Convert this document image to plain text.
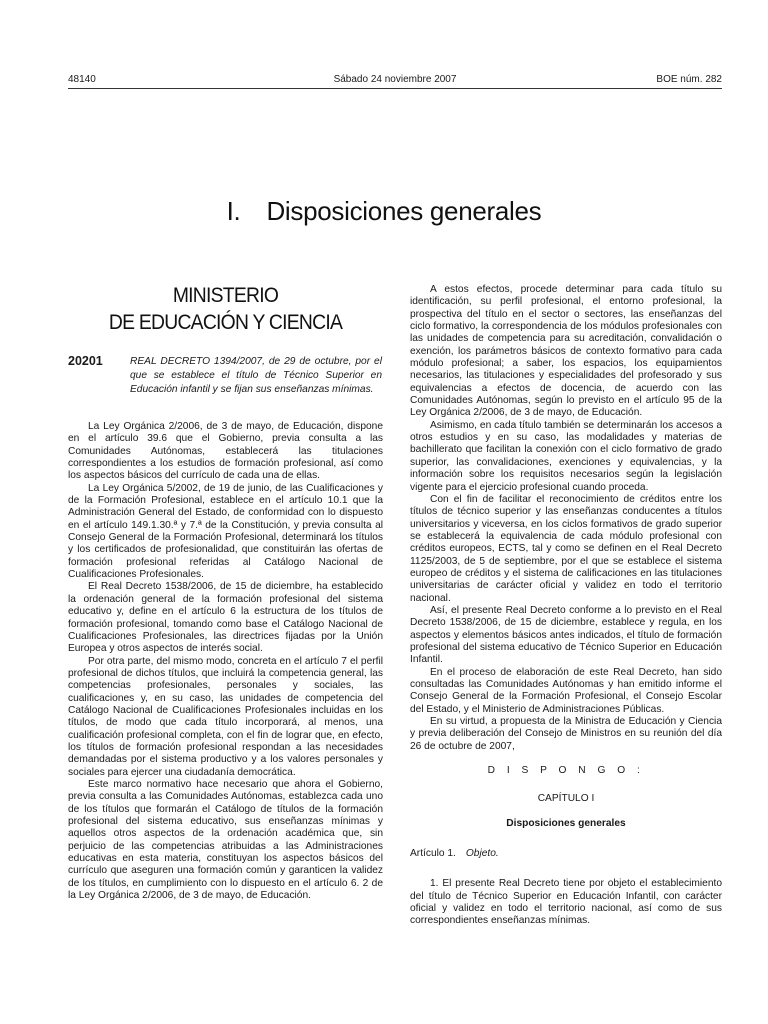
48140	Sábado 24 noviembre 2007	BOE núm. 282
I. Disposiciones generales
MINISTERIO
DE EDUCACIÓN Y CIENCIA
20201	REAL DECRETO 1394/2007, de 29 de octubre, por el que se establece el título de Técnico Superior en Educación infantil y se fijan sus enseñanzas mínimas.

La Ley Orgánica 2/2006, de 3 de mayo, de Educación, dispone en el artículo 39.6 que el Gobierno, previa consulta a las Comunidades Autónomas, establecerá las titulaciones correspondientes a los estudios de formación profesional, así como los aspectos básicos del currículo de cada una de ellas.

La Ley Orgánica 5/2002, de 19 de junio, de las Cualificaciones y de la Formación Profesional, establece en el artículo 10.1 que la Administración General del Estado, de conformidad con lo dispuesto en el artículo 149.1.30.ª y 7.ª de la Constitución, y previa consulta al Consejo General de la Formación Profesional, determinará los títulos y los certificados de profesionalidad, que constituirán las ofertas de formación profesional referidas al Catálogo Nacional de Cualificaciones Profesionales.

El Real Decreto 1538/2006, de 15 de diciembre, ha establecido la ordenación general de la formación profesional del sistema educativo y, define en el artículo 6 la estructura de los títulos de formación profesional, tomando como base el Catálogo Nacional de Cualificaciones Profesionales, las directrices fijadas por la Unión Europea y otros aspectos de interés social.

Por otra parte, del mismo modo, concreta en el artículo 7 el perfil profesional de dichos títulos, que incluirá la competencia general, las competencias profesionales, personales y sociales, las cualificaciones y, en su caso, las unidades de competencia del Catálogo Nacional de Cualificaciones Profesionales incluidas en los títulos, de modo que cada título incorporará, al menos, una cualificación profesional completa, con el fin de lograr que, en efecto, los títulos de formación profesional respondan a las necesidades demandadas por el sistema productivo y a los valores personales y sociales para ejercer una ciudadanía democrática.

Este marco normativo hace necesario que ahora el Gobierno, previa consulta a las Comunidades Autónomas, establezca cada uno de los títulos que formarán el Catálogo de títulos de la formación profesional del sistema educativo, sus enseñanzas mínimas y aquellos otros aspectos de la ordenación académica que, sin perjuicio de las competencias atribuidas a las Administraciones educativas en esta materia, constituyan los aspectos básicos del currículo que aseguren una formación común y garanticen la validez de los títulos, en cumplimiento con lo dispuesto en el artículo 6. 2 de la Ley Orgánica 2/2006, de 3 de mayo, de Educación.

A estos efectos, procede determinar para cada título su identificación, su perfil profesional, el entorno profesional, la prospectiva del título en el sector o sectores, las enseñanzas del ciclo formativo, la correspondencia de los módulos profesionales con las unidades de competencia para su acreditación, convalidación o exención, los parámetros básicos de contexto formativo para cada módulo profesional; a saber, los espacios, los equipamientos necesarios, las titulaciones y especialidades del profesorado y sus equivalencias a efectos de docencia, de acuerdo con las Comunidades Autónomas, según lo previsto en el artículo 95 de la Ley Orgánica 2/2006, de 3 de mayo, de Educación.

Asimismo, en cada título también se determinarán los accesos a otros estudios y en su caso, las modalidades y materias de bachillerato que facilitan la conexión con el ciclo formativo de grado superior, las convalidaciones, exenciones y equivalencias, y la información sobre los requisitos necesarios según la legislación vigente para el ejercicio profesional cuando proceda.

Con el fin de facilitar el reconocimiento de créditos entre los títulos de técnico superior y las enseñanzas conducentes a títulos universitarios y viceversa, en los ciclos formativos de grado superior se establecerá la equivalencia de cada módulo profesional con créditos europeos, ECTS, tal y como se definen en el Real Decreto 1125/2003, de 5 de septiembre, por el que se establece el sistema europeo de créditos y el sistema de calificaciones en las titulaciones universitarias de carácter oficial y validez en todo el territorio nacional.

Así, el presente Real Decreto conforme a lo previsto en el Real Decreto 1538/2006, de 15 de diciembre, establece y regula, en los aspectos y elementos básicos antes indicados, el título de formación profesional del sistema educativo de Técnico Superior en Educación Infantil.

En el proceso de elaboración de este Real Decreto, han sido consultadas las Comunidades Autónomas y han emitido informe el Consejo General de la Formación Profesional, el Consejo Escolar del Estado, y el Ministerio de Administraciones Públicas.

En su virtud, a propuesta de la Ministra de Educación y Ciencia y previa deliberación del Consejo de Ministros en su reunión del día 26 de octubre de 2007,

D I S P O N G O :

CAPÍTULO I

Disposiciones generales

Artículo 1. Objeto.

1. El presente Real Decreto tiene por objeto el establecimiento del título de Técnico Superior en Educación Infantil, con carácter oficial y validez en todo el territorio nacional, así como de sus correspondientes enseñanzas mínimas.
